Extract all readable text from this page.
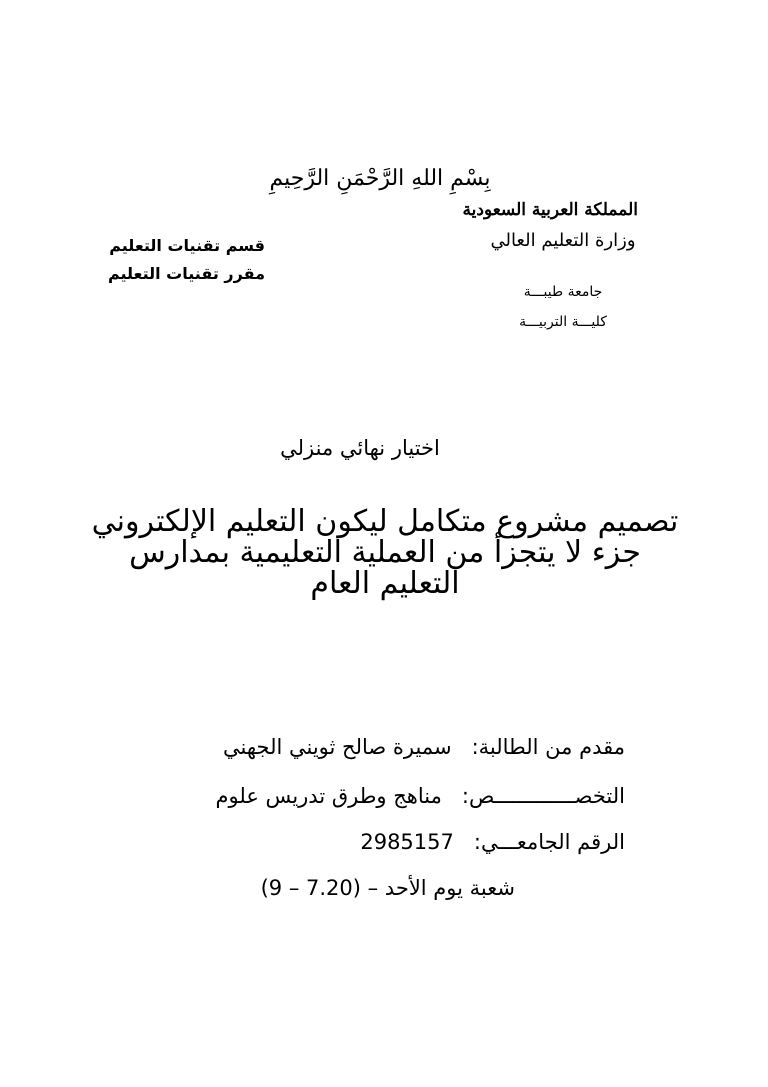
بِسْمِ اللهِ الرَّحْمَنِ الرَّحِيمِ
المملكة العربية السعودية
وزارة التعليم العالي
جامعة طيبـــة
كليـــة التربيـــة
قسم تقنيات التعليم
مقرر تقنيات التعليم
اختيار نهائي منزلي
تصميم مشروع متكامل ليكون التعليم الإلكتروني جزء لا يتجزأ من العملية التعليمية بمدارس التعليم العام
مقدم من الطالبة:سميرة صالح ثويني الجهني
التخصـــــــــــــص:مناهج وطرق تدريس علوم
الرقم الجامعـــي:2985157
شعبة يوم الأحد – (7.20 – 9)
